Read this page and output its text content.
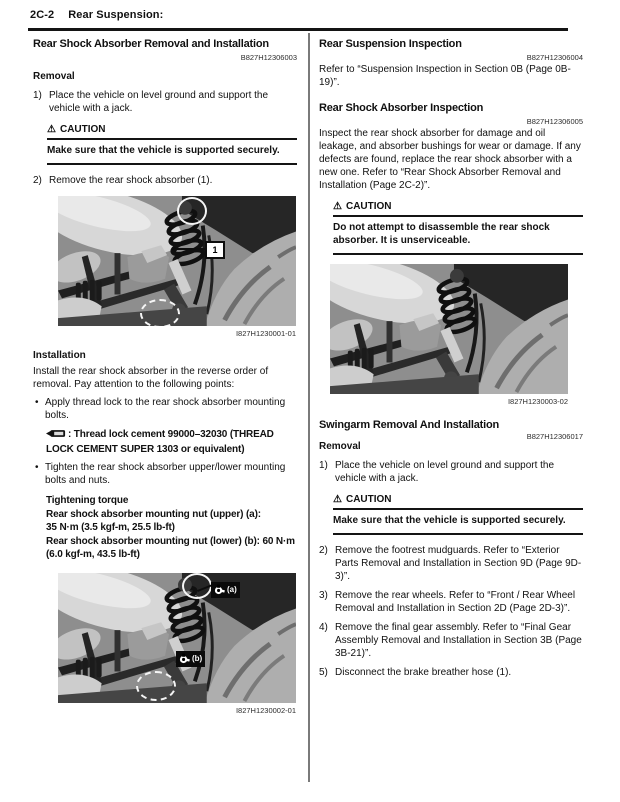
2C-2 Rear Suspension:
Rear Shock Absorber Removal and Installation
B827H12306003
Removal
1) Place the vehicle on level ground and support the vehicle with a jack.
⚠ CAUTION
Make sure that the vehicle is supported securely.
2) Remove the rear shock absorber (1).
1
I827H1230001-01
Installation
Install the rear shock absorber in the reverse order of removal. Pay attention to the following points:
• Apply thread lock to the rear shock absorber mounting bolts.
: Thread lock cement 99000–32030 (THREAD LOCK CEMENT SUPER 1303 or equivalent)
• Tighten the rear shock absorber upper/lower mounting bolts and nuts.
Tightening torque
Rear shock absorber mounting nut (upper) (a):
35 N·m (3.5 kgf-m, 25.5 lb-ft)
Rear shock absorber mounting nut (lower) (b): 60 N·m (6.0 kgf-m, 43.5 lb-ft)
(a)
(b)
I827H1230002-01
Rear Suspension Inspection
B827H12306004
Refer to “Suspension Inspection in Section 0B (Page 0B-19)”.
Rear Shock Absorber Inspection
B827H12306005
Inspect the rear shock absorber for damage and oil leakage, and absorber bushings for wear or damage. If any defects are found, replace the rear shock absorber with a new one. Refer to “Rear Shock Absorber Removal and Installation (Page 2C-2)”.
⚠ CAUTION
Do not attempt to disassemble the rear shock absorber. It is unserviceable.
I827H1230003-02
Swingarm Removal And Installation
B827H12306017
Removal
1) Place the vehicle on level ground and support the vehicle with a jack.
⚠ CAUTION
Make sure that the vehicle is supported securely.
2) Remove the footrest mudguards. Refer to “Exterior Parts Removal and Installation in Section 9D (Page 9D-3)”.
3) Remove the rear wheels. Refer to “Front / Rear Wheel Removal and Installation in Section 2D (Page 2D-3)”.
4) Remove the final gear assembly. Refer to “Final Gear Assembly Removal and Installation in Section 3B (Page 3B-21)”.
5) Disconnect the brake breather hose (1).
